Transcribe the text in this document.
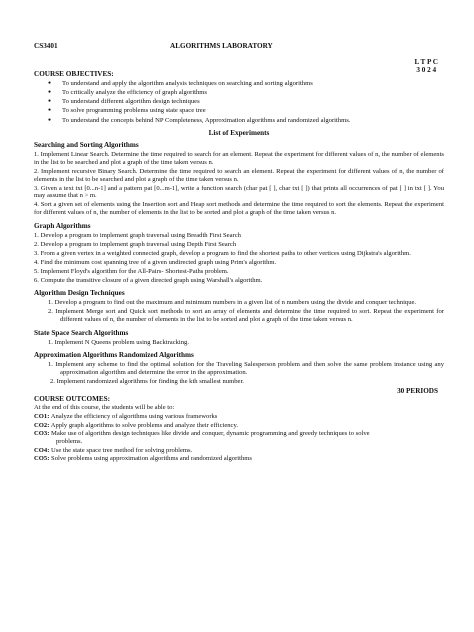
CS3401	ALGORITHMS LABORATORY
L T P C
3 0 2 4
COURSE OBJECTIVES:
● To understand and apply the algorithm analysis techniques on searching and sorting algorithms
● To critically analyze the efficiency of graph algorithms
● To understand different algorithm design techniques
● To solve programming problems using state space tree
● To understand the concepts behind NP Completeness, Approximation algorithms and randomized algorithms.
List of Experiments
Searching and Sorting Algorithms
1. Implement Linear Search. Determine the time required to search for an element. Repeat the experiment for different values of n, the number of elements in the list to be searched and plot a graph of the time taken versus n.
2. Implement recursive Binary Search. Determine the time required to search an element. Repeat the experiment for different values of n, the number of elements in the list to be searched and plot a graph of the time taken versus n.
3. Given a text txt [0...n-1] and a pattern pat [0...m-1], write a function search (char pat [ ], char txt [ ]) that prints all occurrences of pat [ ] in txt [ ]. You may assume that n > m.
4. Sort a given set of elements using the Insertion sort and Heap sort methods and determine the time required to sort the elements. Repeat the experiment for different values of n, the number of elements in the list to be sorted and plot a graph of the time taken versus n.
Graph Algorithms
1. Develop a program to implement graph traversal using Breadth First Search
2. Develop a program to implement graph traversal using Depth First Search
3. From a given vertex in a weighted connected graph, develop a program to find the shortest paths to other vertices using Dijkstra's algorithm.
4. Find the minimum cost spanning tree of a given undirected graph using Prim's algorithm.
5. Implement Floyd's algorithm for the All-Pairs- Shortest-Paths problem.
6. Compute the transitive closure of a given directed graph using Warshall's algorithm.
Algorithm Design Techniques
1. Develop a program to find out the maximum and minimum numbers in a given list of n numbers using the divide and conquer technique.
2. Implement Merge sort and Quick sort methods to sort an array of elements and determine the time required to sort. Repeat the experiment for different values of n, the number of elements in the list to be sorted and plot a graph of the time taken versus n.
State Space Search Algorithms
1. Implement N Queens problem using Backtracking.
Approximation Algorithms Randomized Algorithms
1. Implement any scheme to find the optimal solution for the Traveling Salesperson problem and then solve the same problem instance using any approximation algorithm and determine the error in the approximation.
2. Implement randomized algorithms for finding the kth smallest number.
30 PERIODS
COURSE OUTCOMES:
At the end of this course, the students will be able to:
CO1: Analyze the efficiency of algorithms using various frameworks
CO2: Apply graph algorithms to solve problems and analyze their efficiency.
CO3: Make use of algorithm design techniques like divide and conquer, dynamic programming and greedy techniques to solve
problems.
CO4: Use the state space tree method for solving problems.
CO5: Solve problems using approximation algorithms and randomized algorithms
